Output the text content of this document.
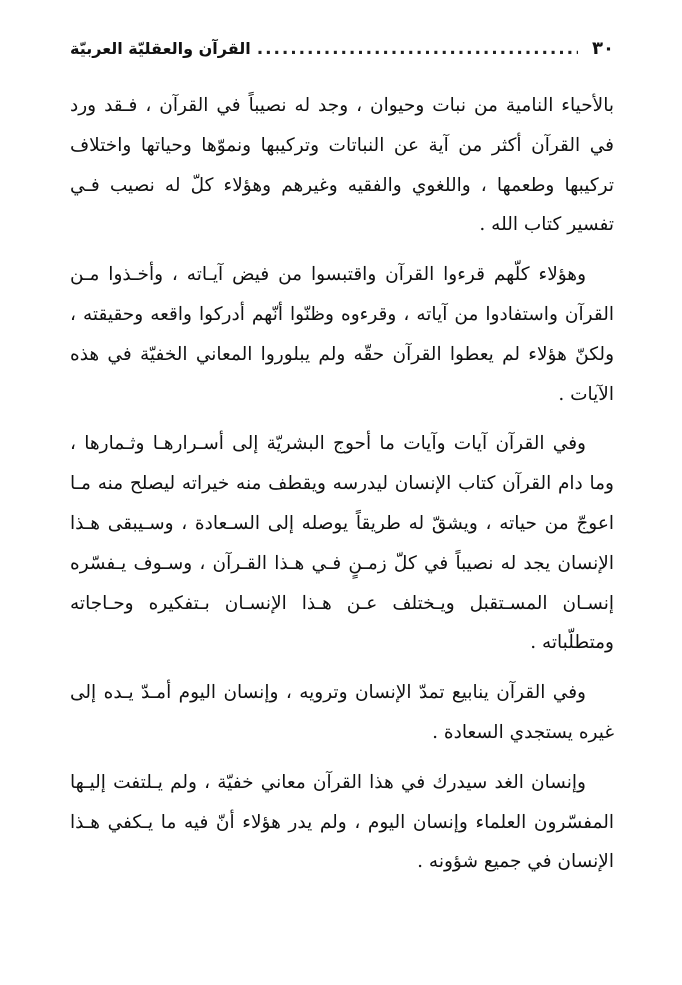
٣٠
. . .
القرآن والعقليّة العربيّة

بالأحياء النامية من نبات وحيوان ، وجد له نصيباً في القرآن ، فـقد ورد في القرآن أكثر من آية عن النباتات وتركيبها ونموّها وحياتها واختلاف تركيبها وطعمها ، واللغوي والفقيه وغيرهم وهؤلاء كلّ له نصيب فـي تفسير كتاب الله .

وهؤلاء كلّهم قرءوا القرآن واقتبسوا من فيض آيـاته ، وأخـذوا مـن القرآن واستفادوا من آياته ، وقرءوه وظنّوا أنّهم أدركوا واقعه وحقيقته ، ولكنّ هؤلاء لم يعطوا القرآن حقّه ولم يبلوروا المعاني الخفيّة في هذه الآيات .

وفي القرآن آيات وآيات ما أحوج البشريّة إلى أسـرارهـا وثـمارها ، وما دام القرآن كتاب الإنسان ليدرسه ويقطف منه خيراته ليصلح منه مـا اعوجّ من حياته ، ويشقّ له طريقاً يوصله إلى السـعادة ، وسـيبقى هـذا الإنسان يجد له نصيباً في كلّ زمـنٍ فـي هـذا القـرآن ، وسـوف يـفسّره إنسـان المسـتقبل ويـختلف عـن هـذا الإنسـان بـتفكيره وحـاجاته ومتطلّباته .

وفي القرآن ينابيع تمدّ الإنسان وترويه ، وإنسان اليوم أمـدّ يـده إلى غيره يستجدي السعادة .

وإنسان الغد سيدرك في هذا القرآن معاني خفيّة ، ولم يـلتفت إليـها المفسّرون العلماء وإنسان اليوم ، ولم يدر هؤلاء أنّ فيه ما يـكفي هـذا الإنسان في جميع شؤونه .
